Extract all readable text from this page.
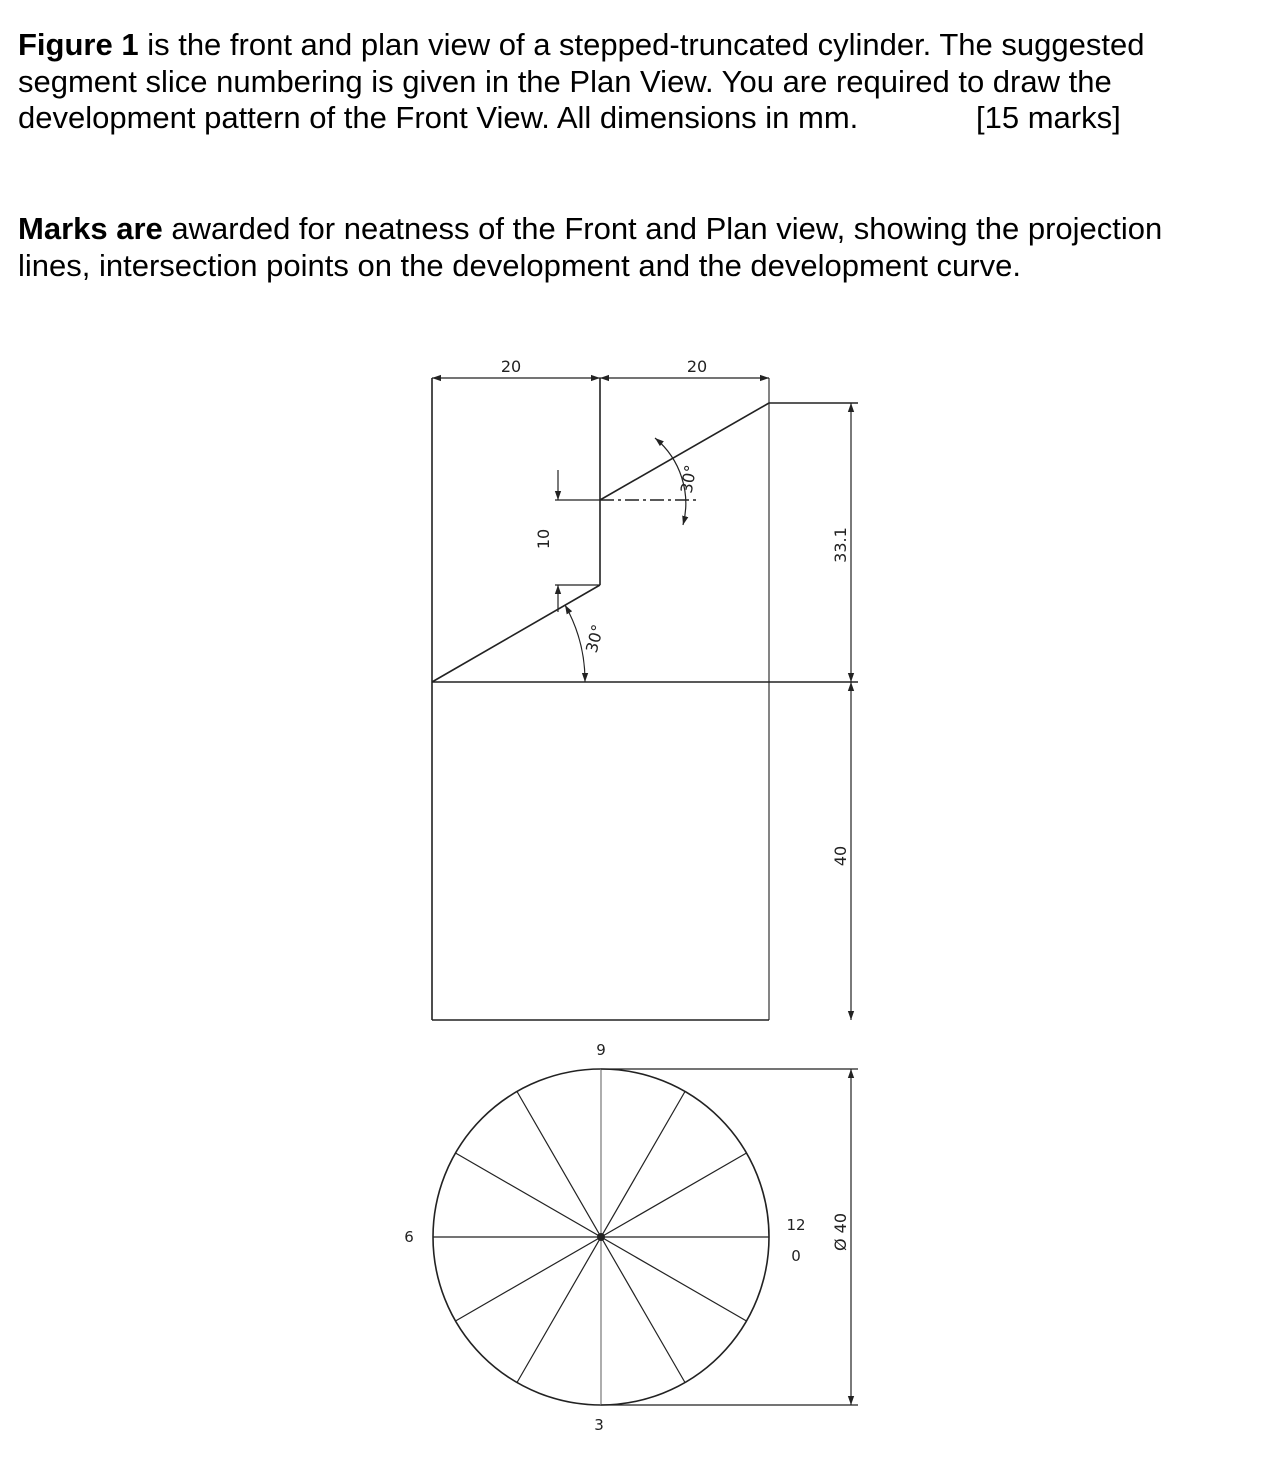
Figure 1 is the front and plan view of a stepped-truncated cylinder. The suggested
segment slice numbering is given in the Plan View. You are required to draw the
development pattern of the Front View. All dimensions in mm.	[15 marks]

Marks are awarded for neatness of the Front and Plan view, showing the projection
lines, intersection points on the development and the development curve.

20	20
10
30°
30°
33.1
40
9
6
3
12
0
Ø 40
